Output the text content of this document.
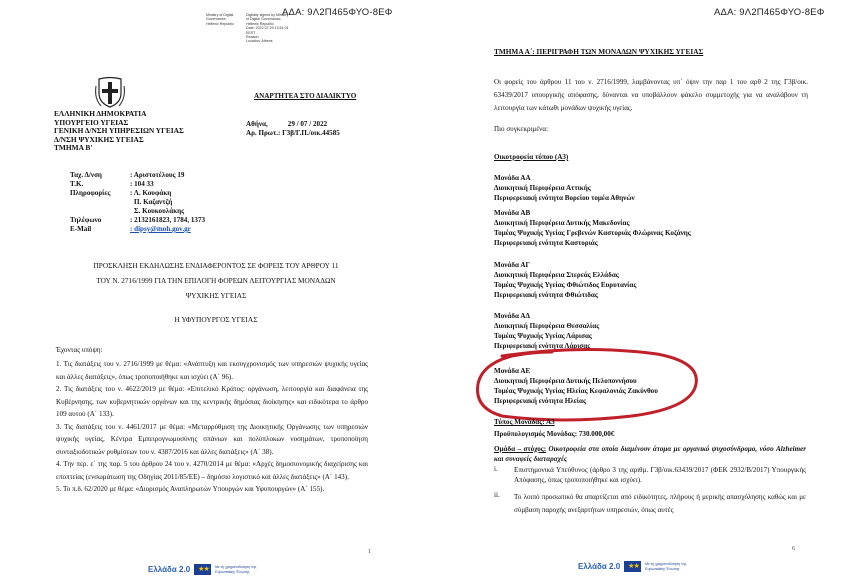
ΑΔΑ: 9Λ2Π465ΦΥΟ-8ΕΦ
Ministry of Digital
Governance,
Hellenic Republic
Digitally signed by Ministry
of Digital Governance,
Hellenic Republic
Date: 2022.07.29 13:51:01
EEST
Reason:
Location: Athens
ΑΝΑΡΤΗΤΕΑ ΣΤΟ ΔΙΑΔΙΚΤΥΟ
ΕΛΛΗΝΙΚΗ ΔΗΜΟΚΡΑΤΙΑ
ΥΠΟΥΡΓΕΙΟ ΥΓΕΙΑΣ
ΓΕΝΙΚΗ Δ/ΝΣΗ ΥΠΗΡΕΣΙΩΝ ΥΓΕΙΑΣ
Δ/ΝΣΗ ΨΥΧΙΚΗΣ ΥΓΕΙΑΣ
ΤΜΗΜΑ Β'
Αθήνα,	29 / 07 / 2022
Αρ. Πρωτ.: Γ3β/Γ.Π./οικ.44585
Ταχ. Δ/νση	: Αριστοτέλους 19
Τ.Κ.	: 104 33
Πληροφορίες	: Λ. Κουφάκη
Π. Καζαντζή
Σ. Κουκουλάκης
Τηλέφωνο	: 2132161823, 1784, 1373
E-Mail	: dipsy@moh.gov.gr
ΠΡΟΣΚΛΗΣΗ ΕΚΔΗΛΩΣΗΣ ΕΝΔΙΑΦΕΡΟΝΤΟΣ ΣΕ ΦΟΡΕΙΣ ΤΟΥ ΑΡΘΡΟΥ 11
ΤΟΥ Ν. 2716/1999 ΓΙΑ ΤΗΝ ΕΠΙΛΟΓΗ ΦΟΡΕΩΝ ΛΕΙΤΟΥΡΓΙΑΣ ΜΟΝΑΔΩΝ
ΨΥΧΙΚΗΣ ΥΓΕΙΑΣ
Η ΥΦΥΠΟΥΡΓΟΣ ΥΓΕΙΑΣ
Έχοντας υπόψη:
1. Τις διατάξεις του ν. 2716/1999 με θέμα: «Ανάπτυξη και εκσυγχρονισμός των υπηρεσιών ψυχικής υγείας και άλλες διατάξεις», όπως τροποποιήθηκε και ισχύει (Α΄ 96).
2. Τις διατάξεις του ν. 4622/2019 με θέμα: «Επιτελικό Κράτος: οργάνωση, λειτουργία και διαφάνεια της Κυβέρνησης, των κυβερνητικών οργάνων και της κεντρικής δημόσιας διοίκησης» και ειδικότερα το άρθρο 109 αυτού (Α΄ 133).
3. Τις διατάξεις του ν. 4461/2017 με θέμα: «Μεταρρύθμιση της Διοικητικής Οργάνωσης των υπηρεσιών ψυχικής υγείας, Κέντρα Εμπειρογνωμοσύνης σπάνιων και πολύπλοκων νοσημάτων, τροποποίηση συνταξιοδοτικών ρυθμίσεων του ν. 4387/2016 και άλλες διατάξεις» (Α΄ 38).
4. Την περ. ε΄ της παρ. 5 του άρθρου 24 του ν. 4270/2014 με θέμα: «Αρχές δημοσιονομικής διαχείρισης και εποπτείας (ενσωμάτωση της Οδηγίας 2011/85/ΕΕ) – δημόσιο λογιστικό και άλλες διατάξεις» (Α΄ 143).
5. Το π.δ. 62/2020 με θέμα: «Διορισμός Αναπληρωτών Υπουργών και Υφυπουργών» (Α΄ 155).
1
Ελλάδα 2.0 ★★ Με τη χρηματοδότηση της Ευρωπαϊκής Ένωσης
ΑΔΑ: 9Λ2Π465ΦΥΟ-8ΕΦ
ΤΜΗΜΑ Α΄: ΠΕΡΙΓΡΑΦΗ ΤΩΝ ΜΟΝΑΔΩΝ ΨΥΧΙΚΗΣ ΥΓΕΙΑΣ
Οι φορείς του άρθρου 11 του ν. 2716/1999, λαμβάνοντας υπ΄ όψιν την παρ 1 του αρθ 2 της Γ3β/οικ. 63439/2017 υπουργικής απόφασης, δύνανται να υποβάλλουν φάκελο συμμετοχής για να αναλάβουν τη λειτουργία των κάτωθι μονάδων ψυχικής υγείας.
Πιο συγκεκριμένα:
Οικοτροφεία τύπου (Α3)
Μονάδα ΑΑ
Διοικητική Περιφέρεια Αττικής
Περιφερειακή ενότητα Βορείου τομέα Αθηνών
Μονάδα ΑΒ
Διοικητική Περιφέρεια Δυτικής Μακεδονίας
Τομέας Ψυχικής Υγείας Γρεβενών Καστοριάς Φλώρινας Κοζάνης
Περιφερειακή ενότητα Καστοριάς
Μονάδα ΑΓ
Διοικητική Περιφέρεια Στερεάς Ελλάδας
Τομέας Ψυχικής Υγείας Φθιώτιδος Ευρυτανίας
Περιφερειακή ενότητα Φθιώτιδας
Μονάδα ΑΔ
Διοικητική Περιφέρεια Θεσσαλίας
Τομέας Ψυχικής Υγείας Λάρισας
Περιφερειακή ενότητα Λάρισας
Μονάδα ΑΕ
Διοικητική Περιφέρεια Δυτικής Πελοποννήσου
Τομέας Ψυχικής Υγείας Ηλείας Κεφαλονιάς Ζακύνθου
Περιφερειακή ενότητα Ηλείας
Τύπος Μονάδας: Α3
Προϋπολογισμός Μονάδας: 730.000,00€
Ομάδα – στόχος: Οικοτροφεία στα οποία διαμένουν άτομα με οργανικό ψυχοσύνδρομο, νόσο Alzheimer και συναφείς διαταραχές
i. Επιστημονικά Υπεύθυνος (άρθρο 3 της αριθμ. Γ3β/οικ.63439/2017 (ΦΕΚ 2932/Β/2017) Υπουργικής Απόφασης, όπως τροποποιήθηκε και ισχύει).
ii. Το λοιπό προσωπικό θα απαρτίζεται από ειδικότητες, πλήρους ή μερικής απασχόλησης καθώς και με σύμβαση παροχής ανεξαρτήτων υπηρεσιών, όπως αυτές
6
Ελλάδα 2.0 ★★ Με τη χρηματοδότηση της Ευρωπαϊκής Ένωσης
